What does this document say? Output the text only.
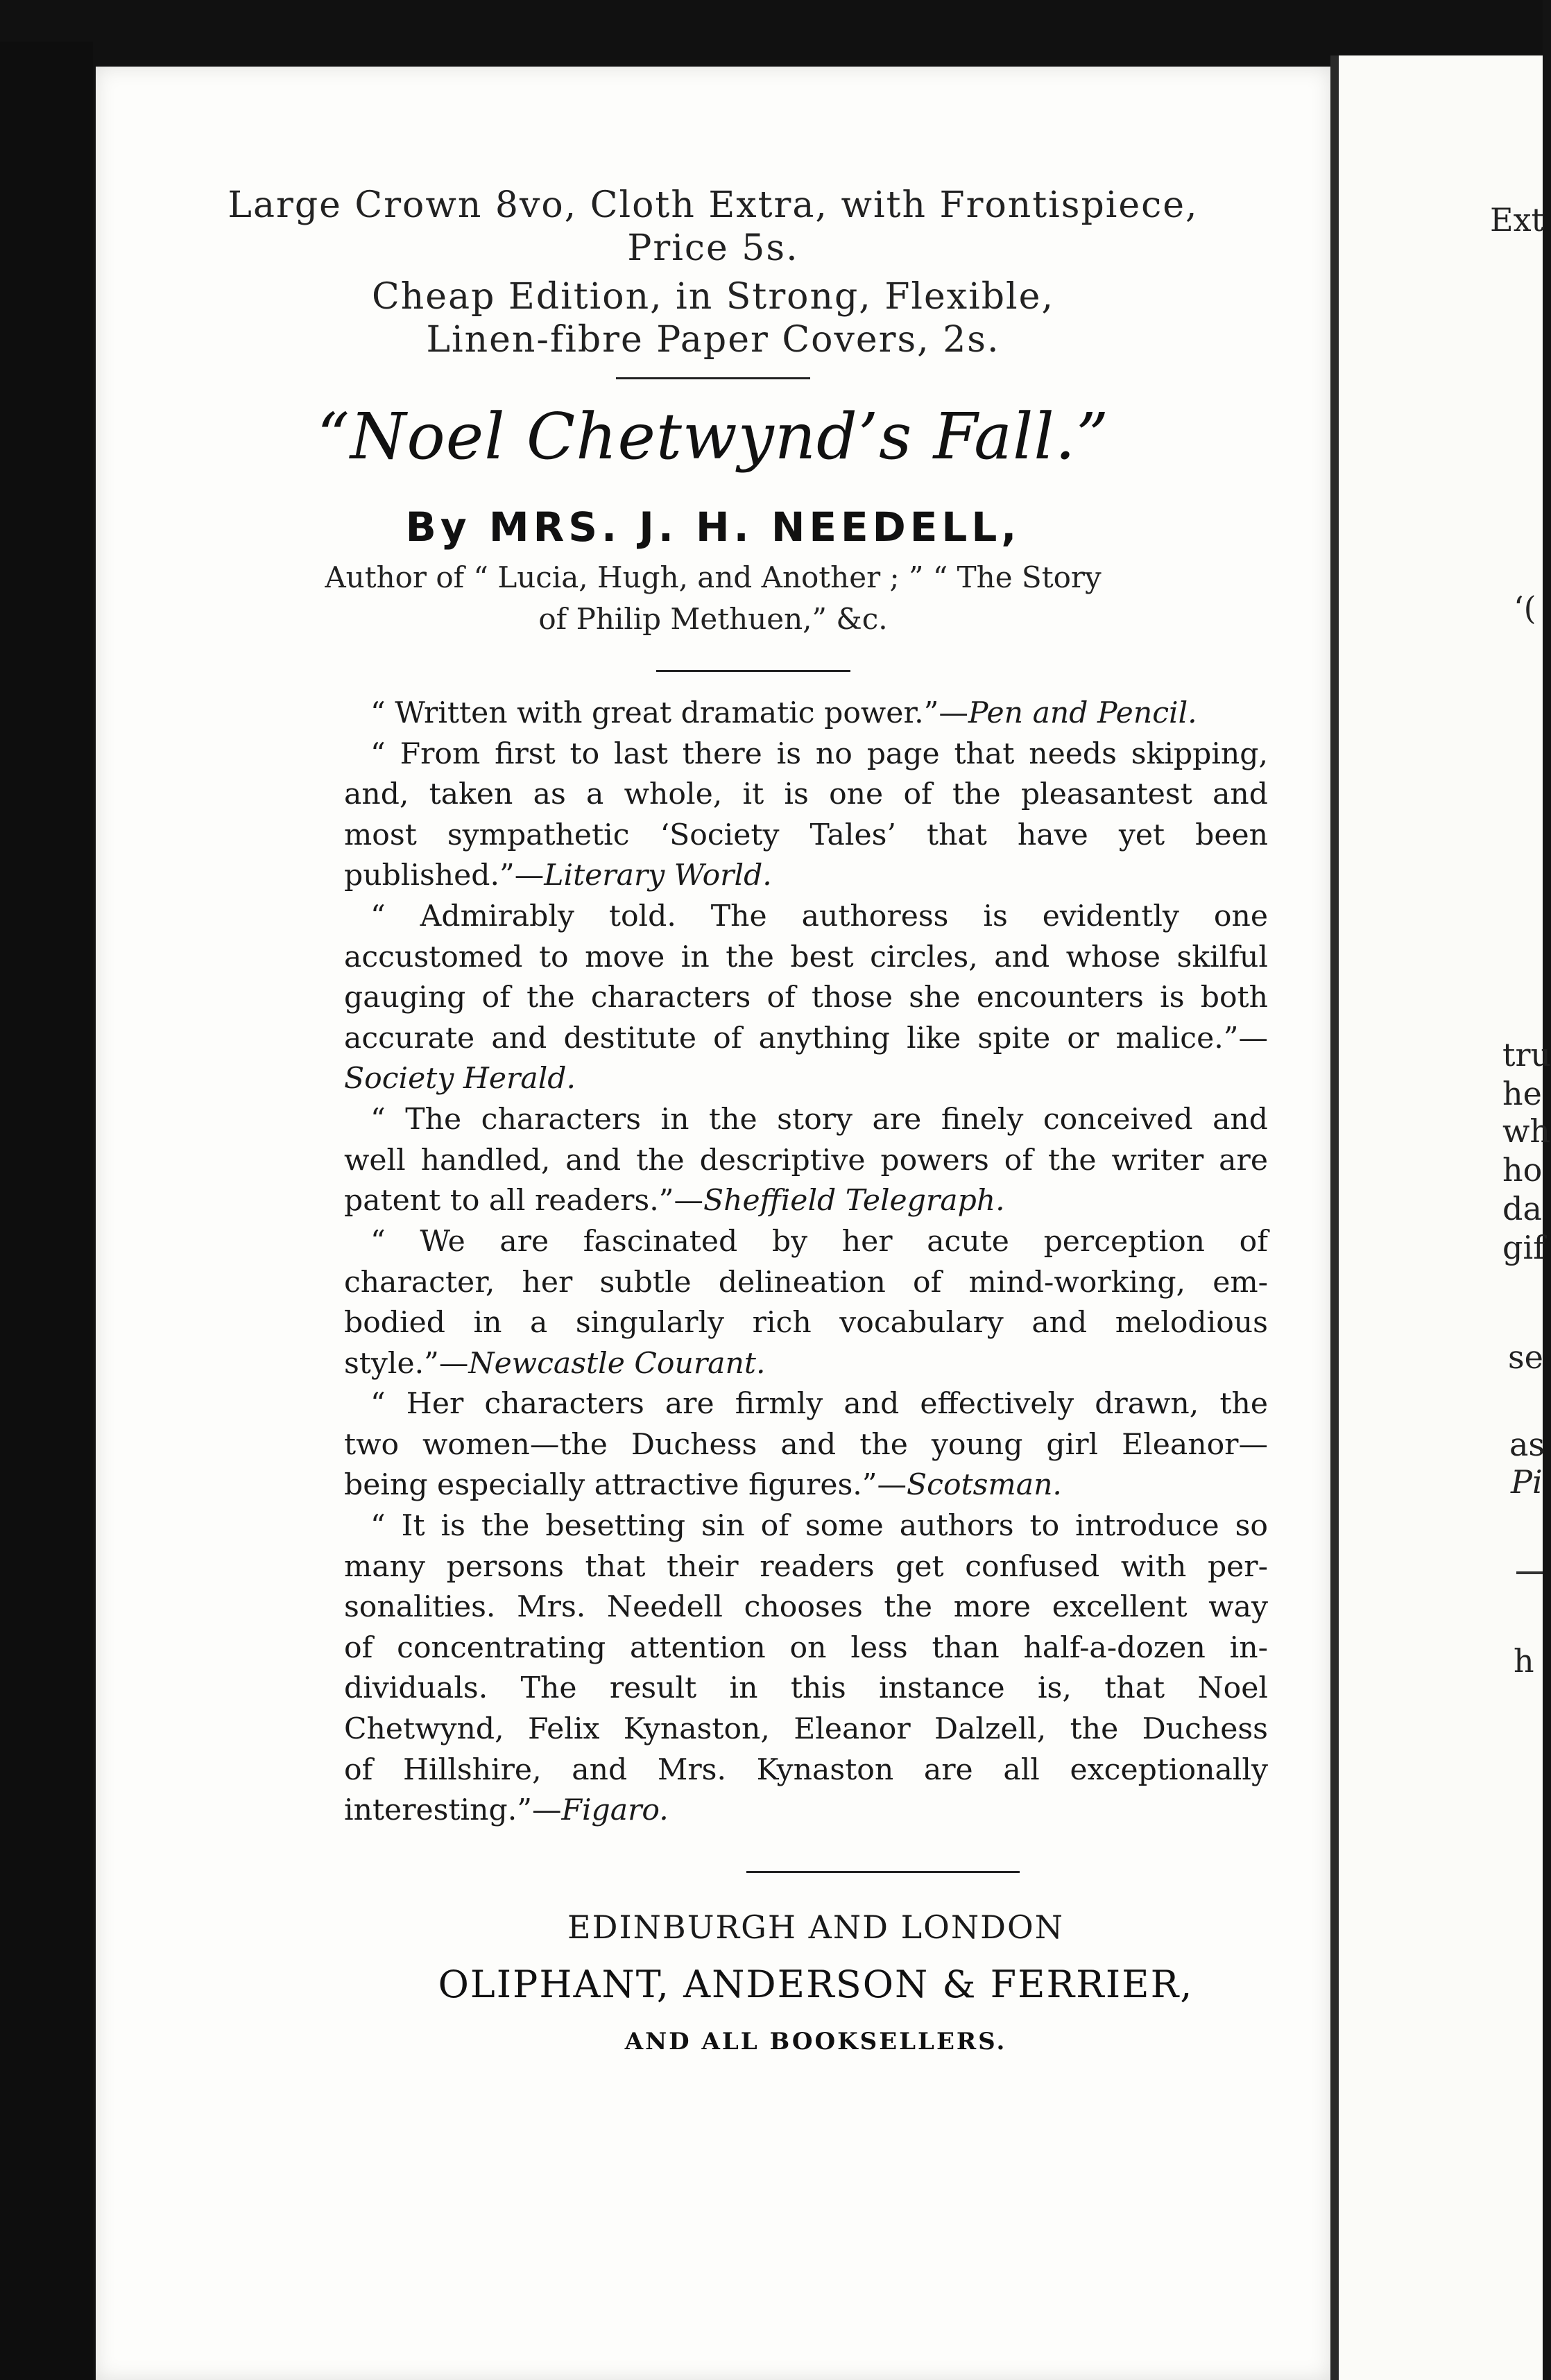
Large Crown 8vo, Cloth Extra, with Frontispiece,
Price 5s.
Cheap Edition, in Strong, Flexible,
Linen-fibre Paper Covers, 2s.
“Noel Chetwynd’s Fall.”
By MRS. J. H. NEEDELL,
Author of “ Lucia, Hugh, and Another ; ” “ The Story
of Philip Methuen,” &c.
“ Written with great dramatic power.”—Pen and Pencil.
“ From first to last there is no page that needs skipping,
and, taken as a whole, it is one of the pleasantest and
most sympathetic ‘Society Tales’ that have yet been
published.”—Literary World.
“ Admirably told. The authoress is evidently one
accustomed to move in the best circles, and whose skilful
gauging of the characters of those she encounters is both
accurate and destitute of anything like spite or malice.”—
Society Herald.
“ The characters in the story are finely conceived and
well handled, and the descriptive powers of the writer are
patent to all readers.”—Sheffield Telegraph.
“ We are fascinated by her acute perception of
character, her subtle delineation of mind-working, em-
bodied in a singularly rich vocabulary and melodious
style.”—Newcastle Courant.
“ Her characters are firmly and effectively drawn, the
two women—the Duchess and the young girl Eleanor—
being especially attractive figures.”—Scotsman.
“ It is the besetting sin of some authors to introduce so
many persons that their readers get confused with per-
sonalities. Mrs. Needell chooses the more excellent way
of concentrating attention on less than half-a-dozen in-
dividuals. The result in this instance is, that Noel
Chetwynd, Felix Kynaston, Eleanor Dalzell, the Duchess
of Hillshire, and Mrs. Kynaston are all exceptionally
interesting.”—Figaro.
EDINBURGH AND LONDON
OLIPHANT, ANDERSON & FERRIER,
AND ALL BOOKSELLERS.
Ext
‘(
tru
he
wh
ho
da
gif
se
as
Pi
h
